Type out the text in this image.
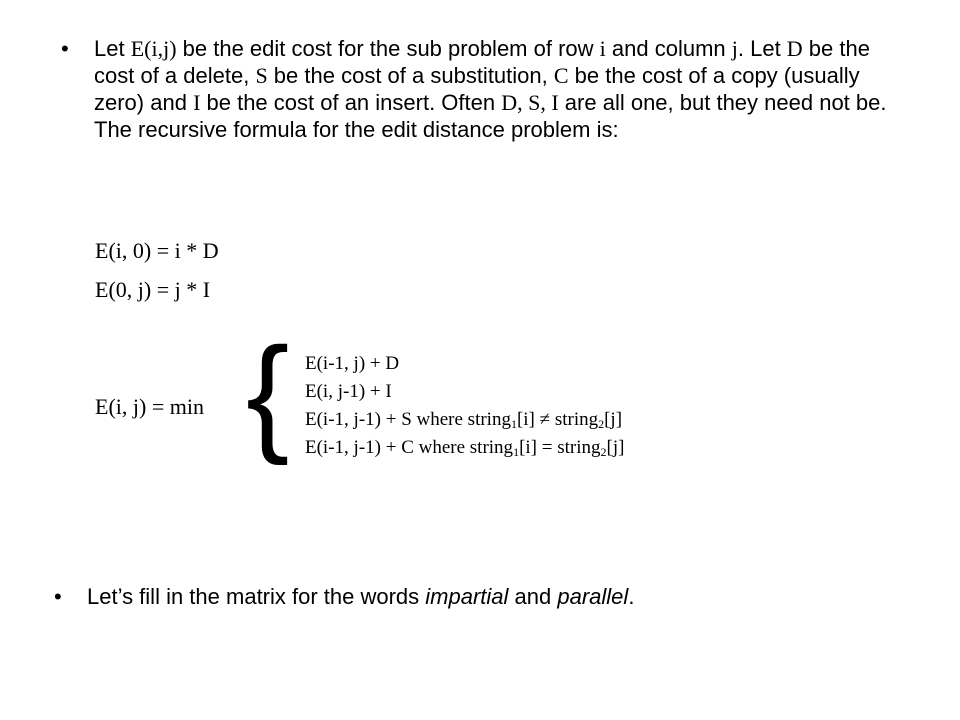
• Let E(i,j) be the edit cost for the sub problem of row i and column j. Let D be the cost of a delete, S be the cost of a substitution, C be the cost of a copy (usually zero) and I be the cost of an insert. Often D, S, I are all one, but they need not be. The recursive formula for the edit distance problem is:
E(i, 0) = i * D
E(0, j) = j * I
E(i, j) = min { E(i-1, j) + D
E(i, j-1) + I
E(i-1, j-1) + S where string$_1$[i] ≠ string$_2$[j]
E(i-1, j-1) + C where string$_1$[i] = string$_2$[j]
• Let’s fill in the matrix for the words impartial and parallel.
